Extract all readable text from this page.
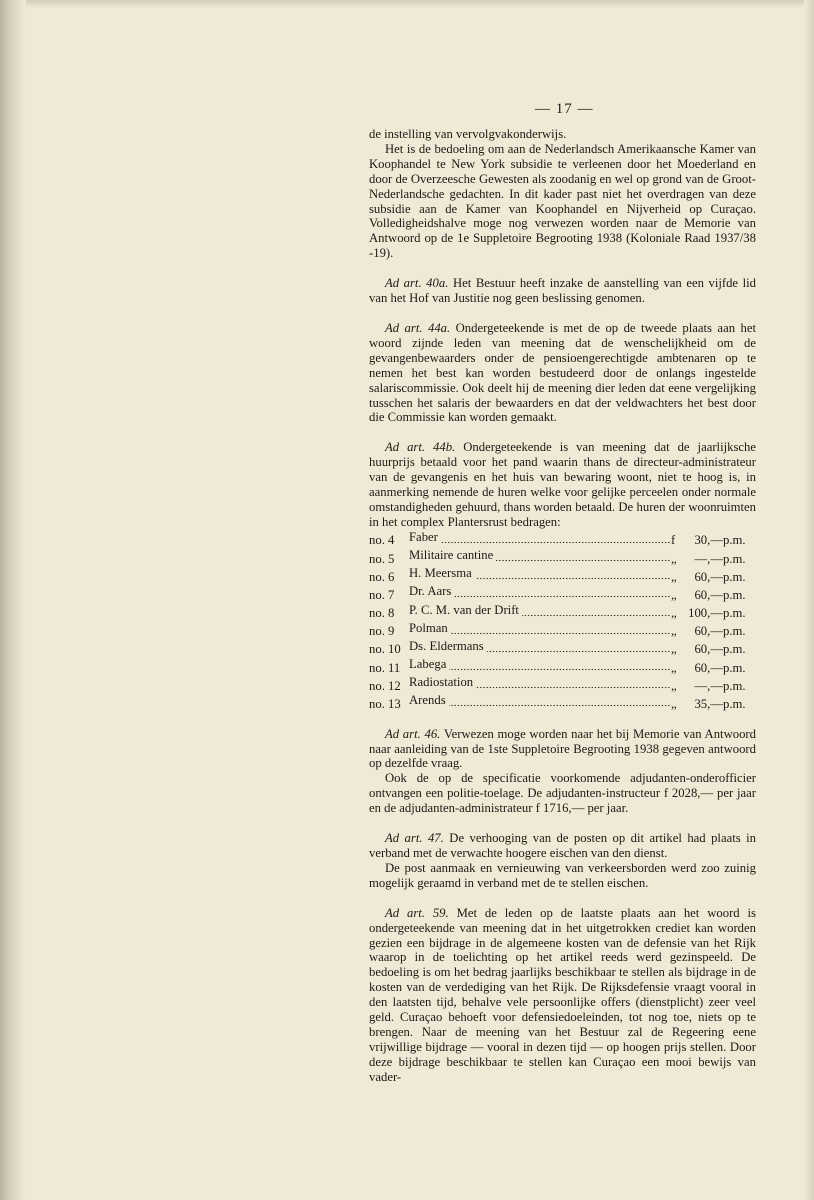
— 17 —

de instelling van vervolgvakonderwijs.

Het is de bedoeling om aan de Nederlandsch Amerikaansche Kamer van Koophandel te New York subsidie te verleenen door het Moederland en door de Overzeesche Gewesten als zoodanig en wel op grond van de Groot-Nederlandsche gedachten. In dit kader past niet het overdragen van deze subsidie aan de Kamer van Koophandel en Nijverheid op Curaçao. Volledigheidshalve moge nog verwezen worden naar de Memorie van Antwoord op de 1e Suppletoire Begrooting 1938 (Koloniale Raad 1937/38 -19).

Ad art. 40a. Het Bestuur heeft inzake de aanstelling van een vijfde lid van het Hof van Justitie nog geen beslissing genomen.

Ad art. 44a. Ondergeteekende is met de op de tweede plaats aan het woord zijnde leden van meening dat de wenschelijkheid om de gevangenbewaarders onder de pensioengerechtigde ambtenaren op te nemen het best kan worden bestudeerd door de onlangs ingestelde salariscommissie. Ook deelt hij de meening dier leden dat eene vergelijking tusschen het salaris der bewaarders en dat der veldwachters het best door die Commissie kan worden gemaakt.

Ad art. 44b. Ondergeteekende is van meening dat de jaarlijksche huurprijs betaald voor het pand waarin thans de directeur-administrateur van de gevangenis en het huis van bewaring woont, niet te hoog is, in aanmerking nemende de huren welke voor gelijke perceelen onder normale omstandigheden gehuurd, thans worden betaald. De huren der woonruimten in het complex Plantersrust bedragen:

no. 4	Faber	f	30,—	p.m.
no. 5	Militaire cantine	„	—,—	p.m.
no. 6	H. Meersma	„	60,—	p.m.
no. 7	Dr. Aars	„	60,—	p.m.
no. 8	P. C. M. van der Drift	„	100,—	p.m.
no. 9	Polman	„	60,—	p.m.
no. 10	Ds. Eldermans	„	60,—	p.m.
no. 11	Labega	„	60,—	p.m.
no. 12	Radiostation	„	—,—	p.m.
no. 13	Arends	„	35,—	p.m.

Ad art. 46. Verwezen moge worden naar het bij Memorie van Antwoord naar aanleiding van de 1ste Suppletoire Begrooting 1938 gegeven antwoord op dezelfde vraag.

Ook de op de specificatie voorkomende adjudanten-onderofficier ontvangen een politie-toelage. De adjudanten-instructeur f 2028,— per jaar en de adjudanten-administrateur f 1716,— per jaar.

Ad art. 47. De verhooging van de posten op dit artikel had plaats in verband met de verwachte hoogere eischen van den dienst.

De post aanmaak en vernieuwing van verkeersborden werd zoo zuinig mogelijk geraamd in verband met de te stellen eischen.

Ad art. 59. Met de leden op de laatste plaats aan het woord is ondergeteekende van meening dat in het uitgetrokken crediet kan worden gezien een bijdrage in de algemeene kosten van de defensie van het Rijk waarop in de toelichting op het artikel reeds werd gezinspeeld. De bedoeling is om het bedrag jaarlijks beschikbaar te stellen als bijdrage in de kosten van de verdediging van het Rijk. De Rijksdefensie vraagt vooral in den laatsten tijd, behalve vele persoonlijke offers (dienstplicht) zeer veel geld. Curaçao behoeft voor defensiedoeleinden, tot nog toe, niets op te brengen. Naar de meening van het Bestuur zal de Regeering eene vrijwillige bijdrage — vooral in dezen tijd — op hoogen prijs stellen. Door deze bijdrage beschikbaar te stellen kan Curaçao een mooi bewijs van vader-
